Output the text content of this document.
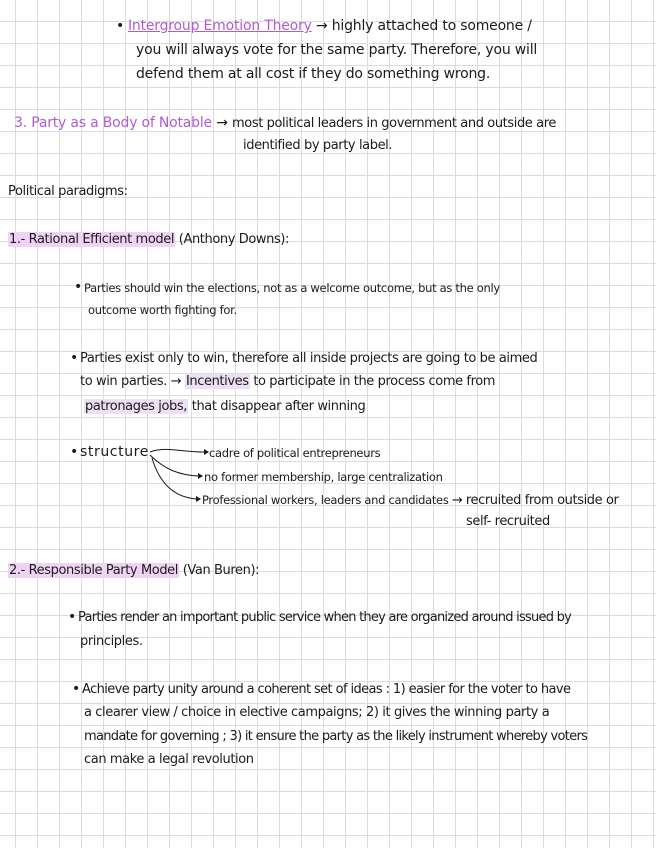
• Intergroup Emotion Theory → highly attached to someone /
you will always vote for the same party. Therefore, you will
defend them at all cost if they do something wrong.
3. Party as a Body of Notable → most political leaders in government and outside are
identified by party label.
Political paradigms:
1.- Rational Efficient model (Anthony Downs):
• Parties should win the elections, not as a welcome outcome, but as the only
outcome worth fighting for.
• Parties exist only to win, therefore all inside projects are going to be aimed
to win parties. → Incentives to participate in the process come from
patronages jobs, that disappear after winning
• structure	cadre of political entrepreneurs
no former membership, large centralization
Professional workers, leaders and candidates → recruited from outside or
self- recruited
2.- Responsible Party Model (Van Buren):
• Parties render an important public service when they are organized around issued by
principles.
• Achieve party unity around a coherent set of ideas : 1) easier for the voter to have
a clearer view / choice in elective campaigns; 2) it gives the winning party a
mandate for governing ; 3) it ensure the party as the likely instrument whereby voters
can make a legal revolution
